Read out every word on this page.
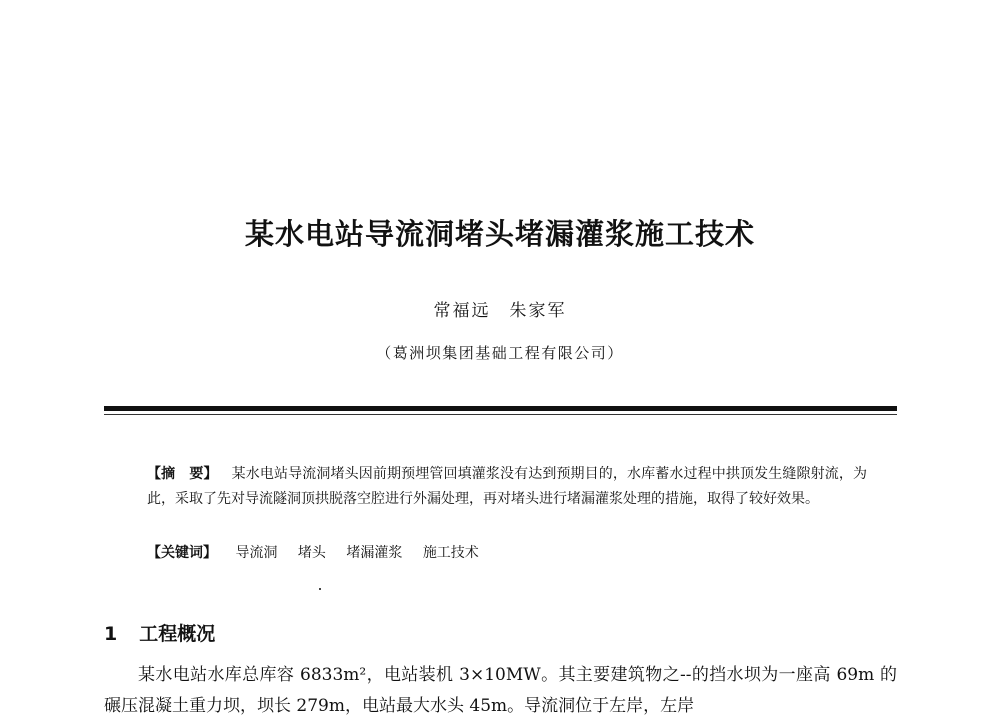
某水电站导流洞堵头堵漏灌浆施工技术
常福远　朱家军
（葛洲坝集团基础工程有限公司）
【摘　要】 某水电站导流洞堵头因前期预埋管回填灌浆没有达到预期目的，水库蓄水过程中拱顶发生缝隙射流，为此，采取了先对导流隧洞顶拱脱落空腔进行外漏处理，再对堵头进行堵漏灌浆处理的措施，取得了较好效果。
【关键词】 导流洞 堵头 堵漏灌浆 施工技术
1 工程概况
某水电站水库总库容 6833m²，电站装机 3×10MW。其主要建筑物之--的挡水坝为一座高 69m 的碾压混凝土重力坝，坝长 279m，电站最大水头 45m。导流洞位于左岸，左岸
